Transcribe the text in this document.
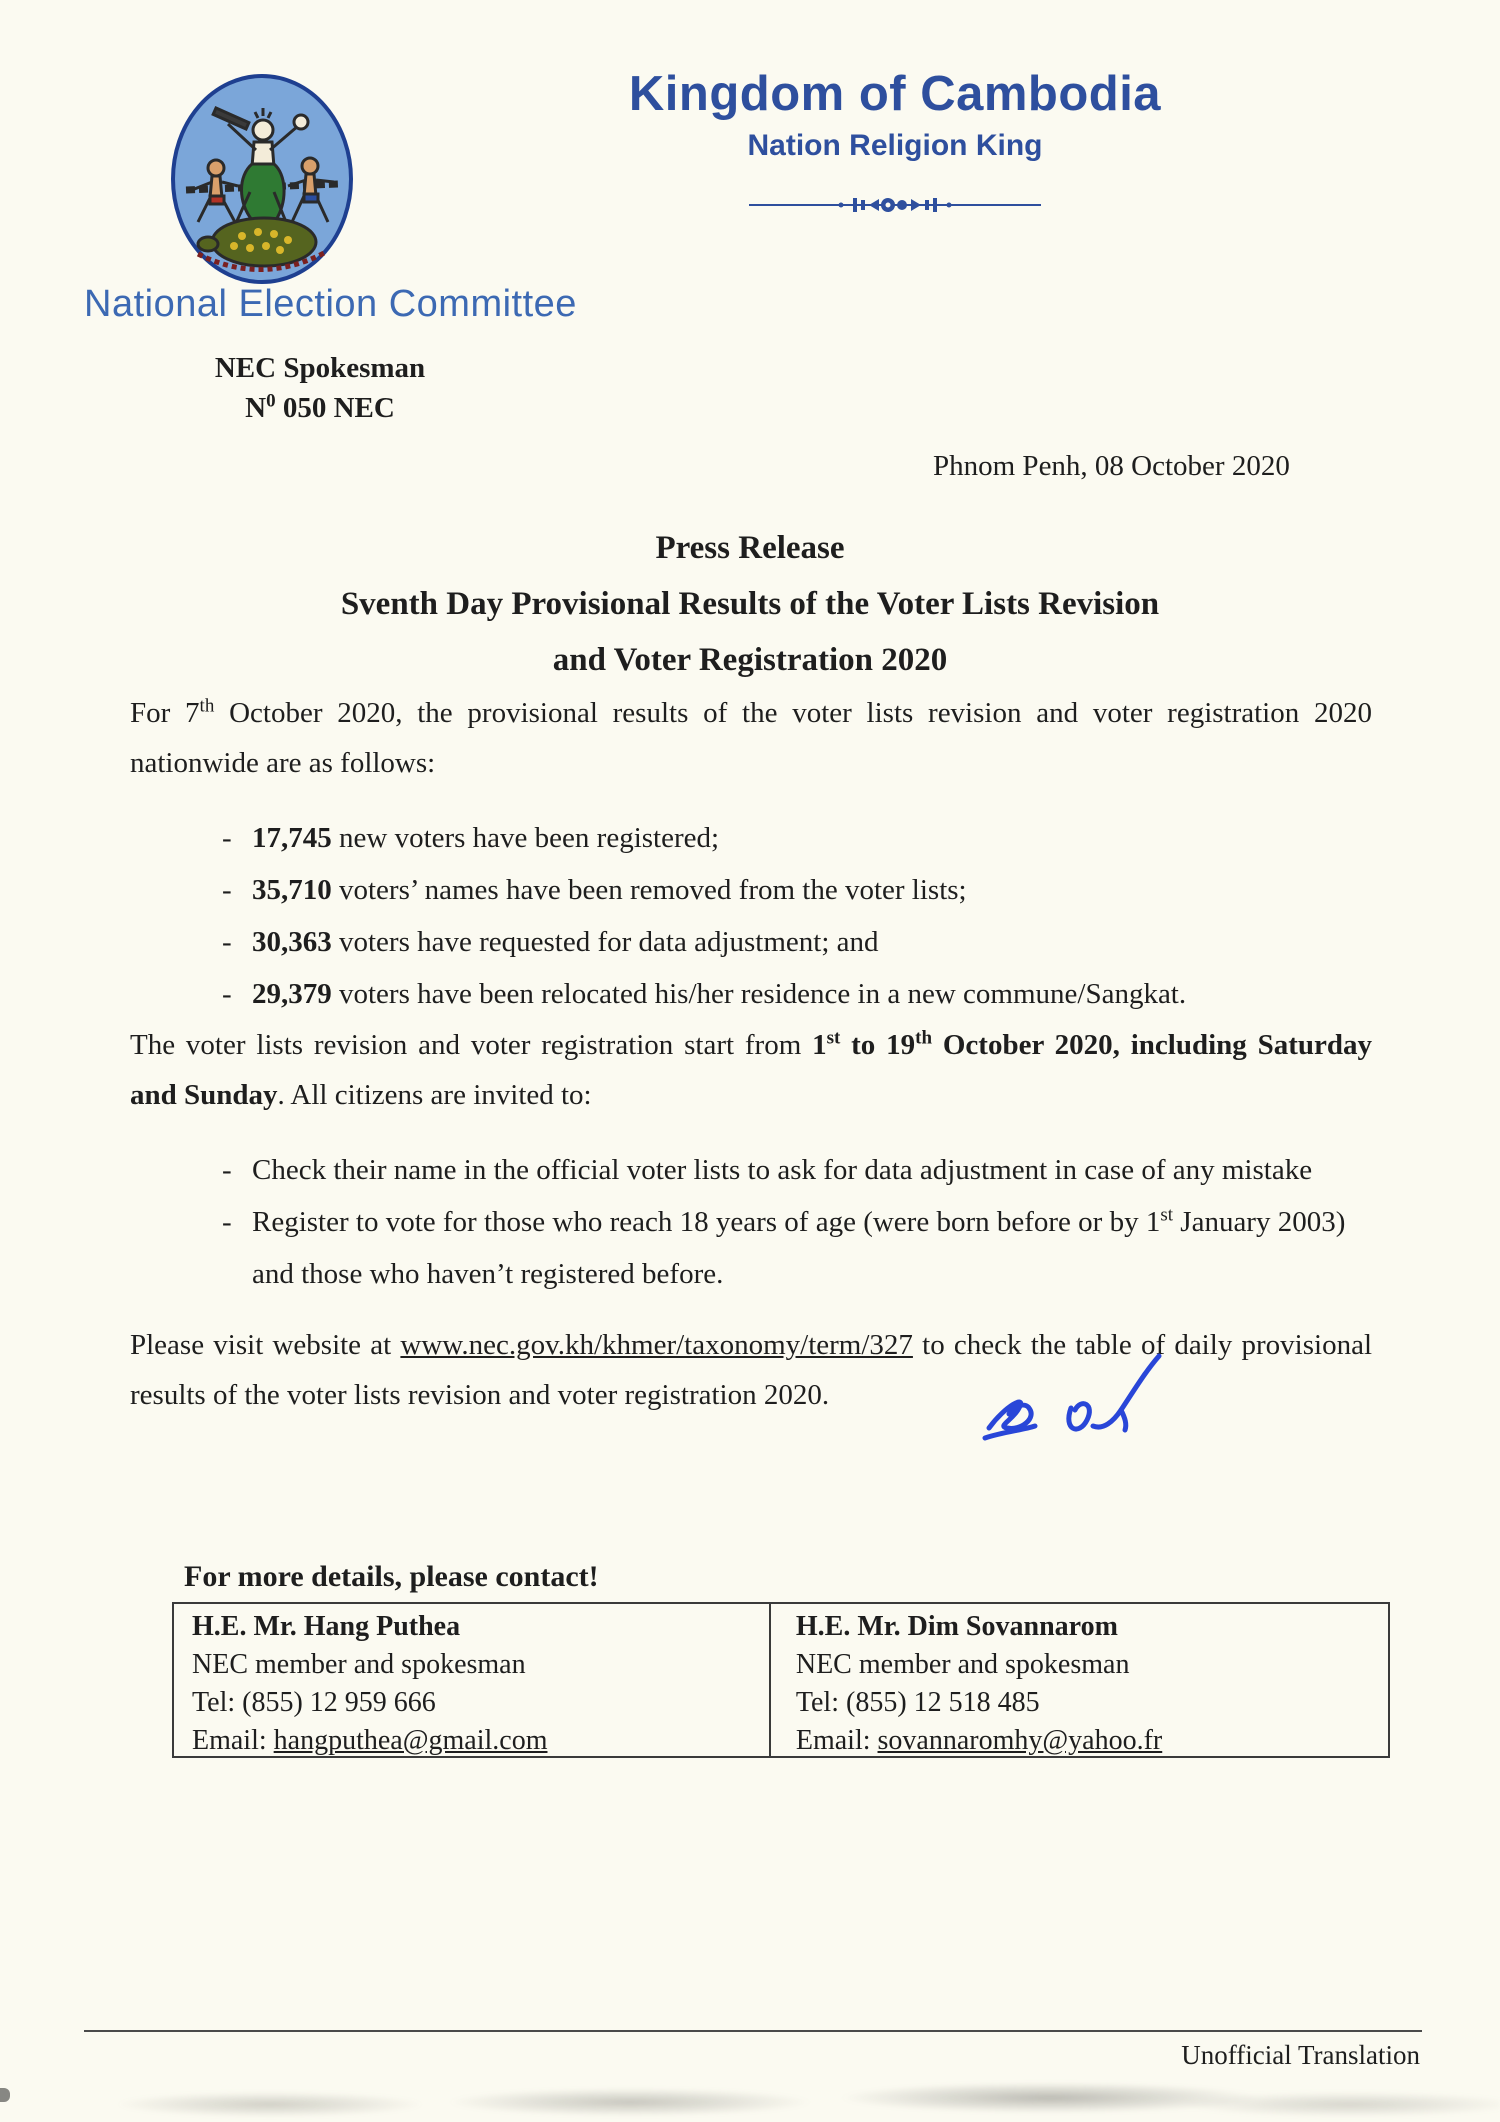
Kingdom of Cambodia
Nation Religion King
National Election Committee
NEC Spokesman
$N^0$ 050 NEC
Phnom Penh, 08 October 2020
Press Release
Sventh Day Provisional Results of the Voter Lists Revision
and Voter Registration 2020

For 7th October 2020, the provisional results of the voter lists revision and voter registration 2020 nationwide are as follows:

- 17,745 new voters have been registered;
- 35,710 voters’ names have been removed from the voter lists;
- 30,363 voters have requested for data adjustment; and
- 29,379 voters have been relocated his/her residence in a new commune/Sangkat.

The voter lists revision and voter registration start from 1st to 19th October 2020, including Saturday and Sunday. All citizens are invited to:

- Check their name in the official voter lists to ask for data adjustment in case of any mistake
- Register to vote for those who reach 18 years of age (were born before or by 1st January 2003) and those who haven’t registered before.

Please visit website at www.nec.gov.kh/khmer/taxonomy/term/327 to check the table of daily provisional results of the voter lists revision and voter registration 2020.

For more details, please contact!
H.E. Mr. Hang Puthea
NEC member and spokesman
Tel: (855) 12 959 666
Email: hangputhea@gmail.com
H.E. Mr. Dim Sovannarom
NEC member and spokesman
Tel: (855) 12 518 485
Email: sovannaromhy@yahoo.fr
Unofficial Translation
